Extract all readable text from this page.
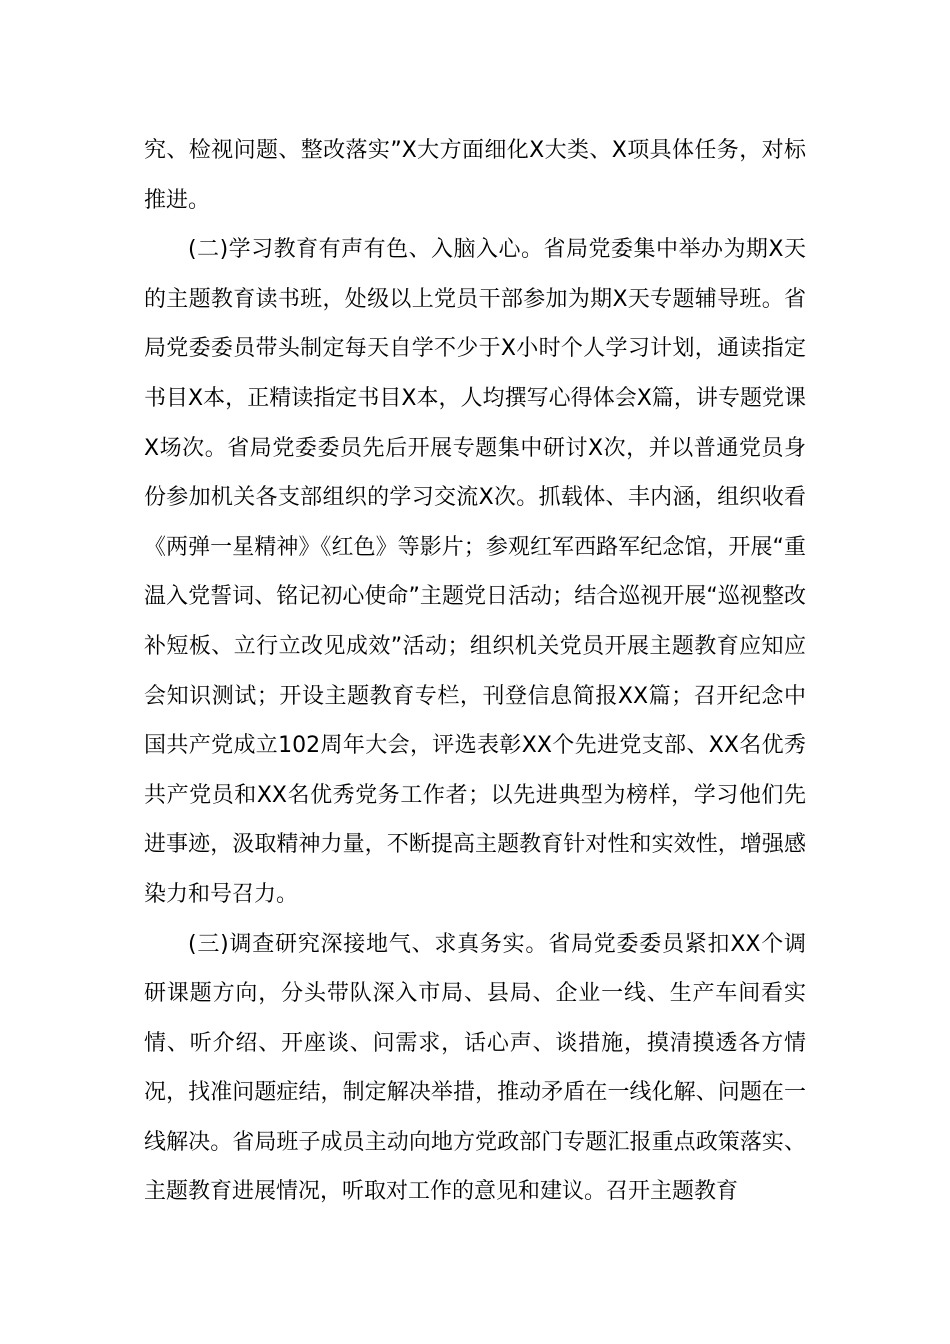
究、检视问题、整改落实”X大方面细化X大类、X项具体任务，对标推进。

(二)学习教育有声有色、入脑入心。省局党委集中举办为期X天的主题教育读书班，处级以上党员干部参加为期X天专题辅导班。省局党委委员带头制定每天自学不少于X小时个人学习计划，通读指定书目X本，正精读指定书目X本，人均撰写心得体会X篇，讲专题党课X场次。省局党委委员先后开展专题集中研讨X次，并以普通党员身份参加机关各支部组织的学习交流X次。抓载体、丰内涵，组织收看《两弹一星精神》《红色》等影片；参观红军西路军纪念馆，开展“重温入党誓词、铭记初心使命”主题党日活动；结合巡视开展“巡视整改补短板、立行立改见成效”活动；组织机关党员开展主题教育应知应会知识测试；开设主题教育专栏，刊登信息简报XX篇；召开纪念中国共产党成立102周年大会，评选表彰XX个先进党支部、XX名优秀共产党员和XX名优秀党务工作者；以先进典型为榜样，学习他们先进事迹，汲取精神力量，不断提高主题教育针对性和实效性，增强感染力和号召力。

(三)调查研究深接地气、求真务实。省局党委委员紧扣XX个调研课题方向，分头带队深入市局、县局、企业一线、生产车间看实情、听介绍、开座谈、问需求，话心声、谈措施，摸清摸透各方情况，找准问题症结，制定解决举措，推动矛盾在一线化解、问题在一线解决。省局班子成员主动向地方党政部门专题汇报重点政策落实、主题教育进展情况，听取对工作的意见和建议。召开主题教育
